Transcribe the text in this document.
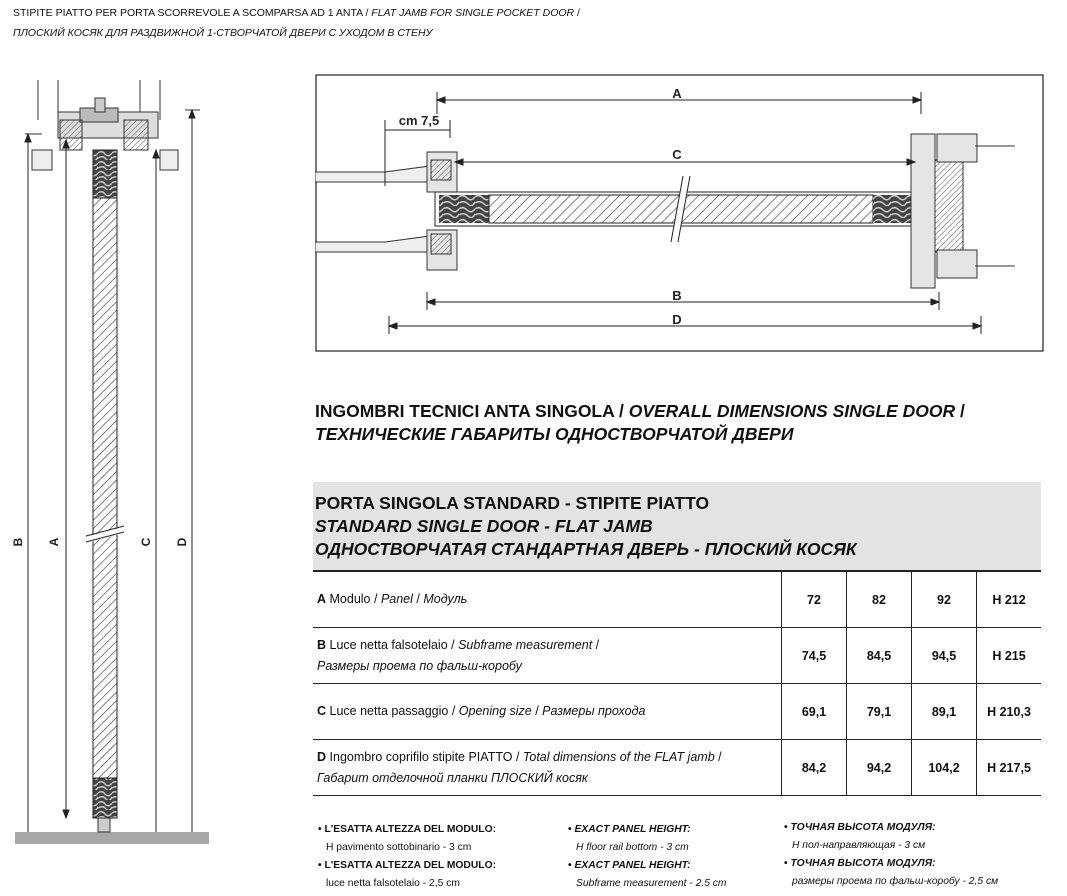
STIPITE PIATTO PER PORTA SCORREVOLE A SCOMPARSA AD 1 ANTA / FLAT JAMB FOR SINGLE POCKET DOOR /
ПЛОСКИЙ КОСЯК ДЛЯ РАЗДВИЖНОЙ 1-СТВОРЧАТОЙ ДВЕРИ С УХОДОМ В СТЕНУ
B A	C D
A
cm 7,5
C
B
D
INGOMBRI TECNICI ANTA SINGOLA / OVERALL DIMENSIONS SINGLE DOOR /
ТЕХНИЧЕСКИЕ ГАБАРИТЫ ОДНОСТВОРЧАТОЙ ДВЕРИ
PORTA SINGOLA STANDARD - STIPITE PIATTO
STANDARD SINGLE DOOR - FLAT JAMB
ОДНОСТВОРЧАТАЯ СТАНДАРТНАЯ ДВЕРЬ - ПЛОСКИЙ КОСЯК
A Modulo / Panel / Модуль	72	82	92	H 212
B Luce netta falsotelaio / Subframe measurement /
Размеры проема по фальш-коробу	74,5	84,5	94,5	H 215
C Luce netta passaggio / Opening size / Размеры прохода	69,1	79,1	89,1	H 210,3
D Ingombro coprifilo stipite PIATTO / Total dimensions of the FLAT jamb /
Габарит отделочной планки ПЛОСКИЙ косяк	84,2	94,2	104,2	H 217,5
• L'ESATTA ALTEZZA DEL MODULO:
H pavimento sottobinario - 3 cm
• L'ESATTA ALTEZZA DEL MODULO:
luce netta falsotelaio - 2,5 cm
• EXACT PANEL HEIGHT:
H floor rail bottom - 3 cm
• EXACT PANEL HEIGHT:
Subframe measurement - 2.5 cm
• ТОЧНАЯ ВЫСОТА МОДУЛЯ:
Н пол-направляющая - 3 см
• ТОЧНАЯ ВЫСОТА МОДУЛЯ:
размеры проема по фальш-коробу - 2,5 см
